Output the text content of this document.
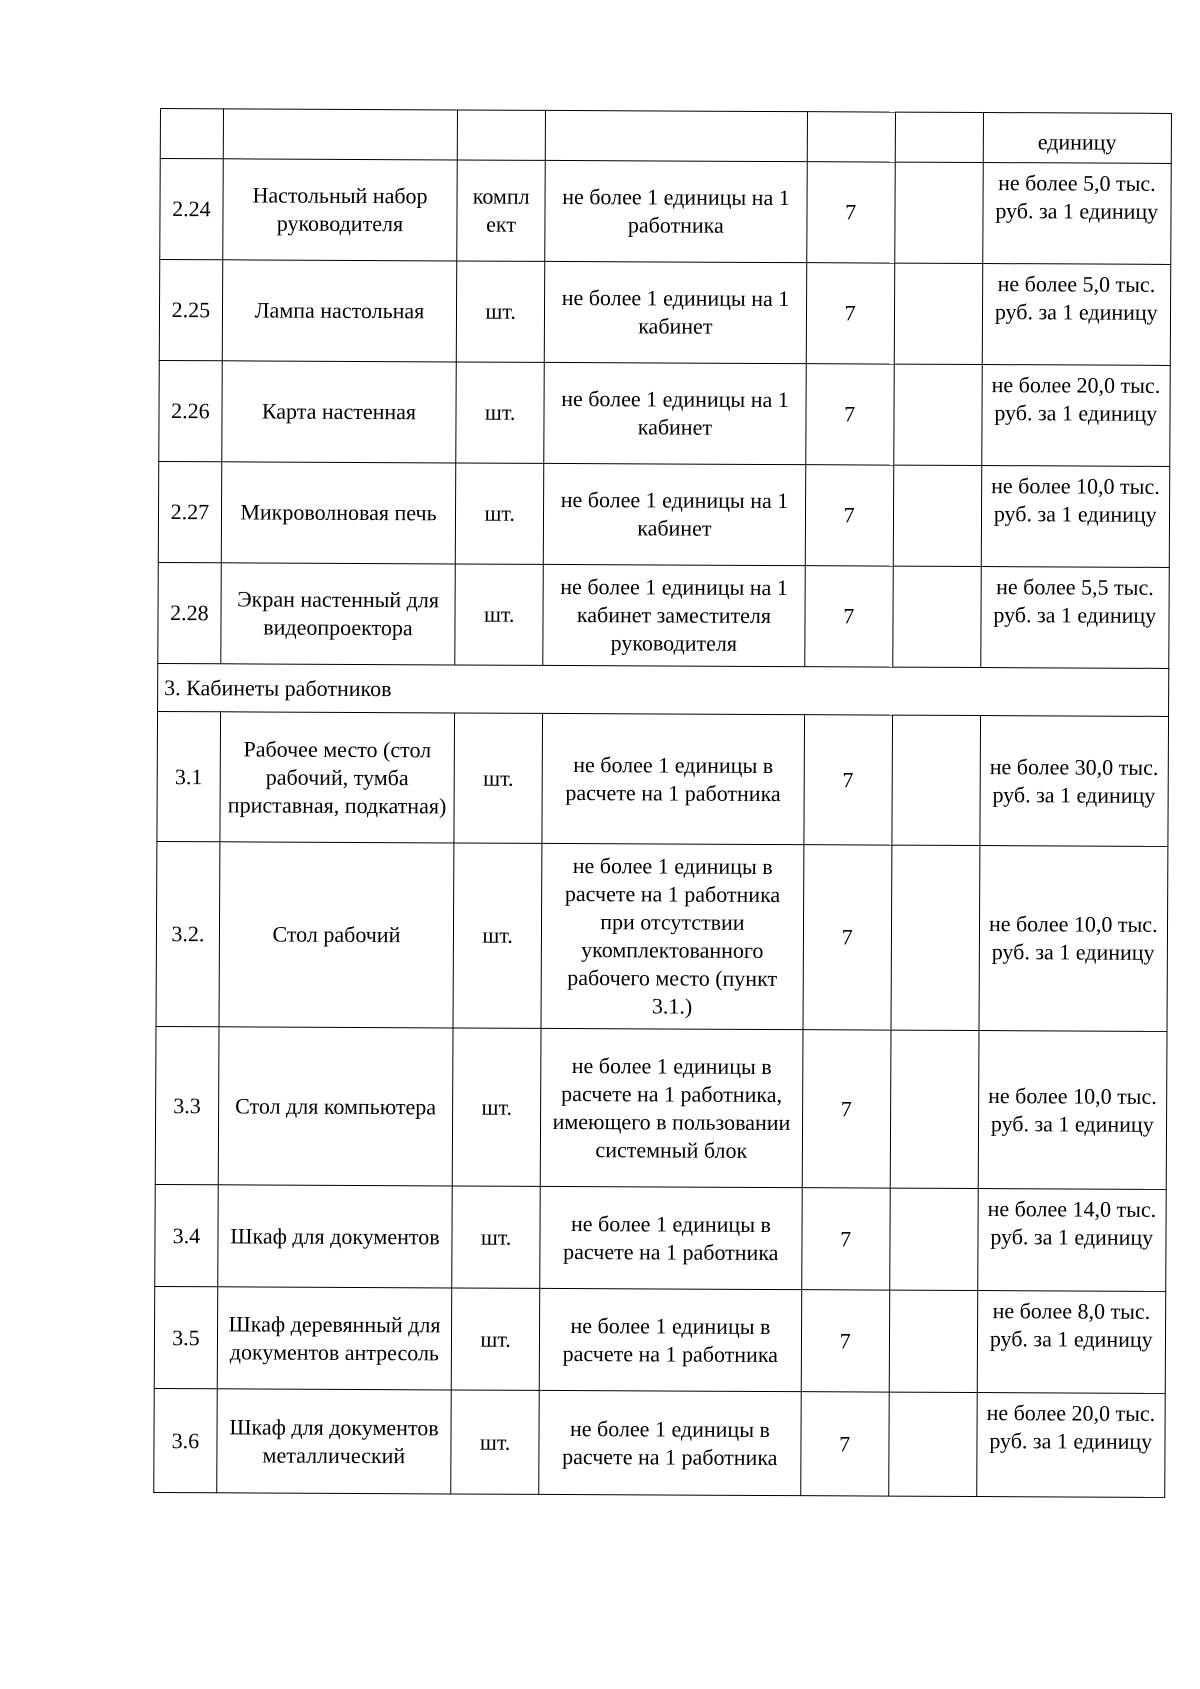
						единицу
2.24	Настольный набор руководителя	компл ект	не более 1 единицы на 1 работника	7		не более 5,0 тыс. руб. за 1 единицу
2.25	Лампа настольная	шт.	не более 1 единицы на 1 кабинет	7		не более 5,0 тыс. руб. за 1 единицу
2.26	Карта настенная	шт.	не более 1 единицы на 1 кабинет	7		не более 20,0 тыс. руб. за 1 единицу
2.27	Микроволновая печь	шт.	не более 1 единицы на 1 кабинет	7		не более 10,0 тыс. руб. за 1 единицу
2.28	Экран настенный для видеопроектора	шт.	не более 1 единицы на 1 кабинет заместителя руководителя	7		не более 5,5 тыс. руб. за 1 единицу
3. Кабинеты работников						
3.1	Рабочее место (стол рабочий, тумба приставная, подкатная)	шт.	не более 1 единицы в расчете на 1 работника	7		не более 30,0 тыс. руб. за 1 единицу
3.2.	Стол рабочий	шт.	не более 1 единицы в расчете на 1 работника при отсутствии укомплектованного рабочего место (пункт 3.1.)	7		не более 10,0 тыс. руб. за 1 единицу
3.3	Стол для компьютера	шт.	не более 1 единицы в расчете на 1 работника, имеющего в пользовании системный блок	7		не более 10,0 тыс. руб. за 1 единицу
3.4	Шкаф для документов	шт.	не более 1 единицы в расчете на 1 работника	7		не более 14,0 тыс. руб. за 1 единицу
3.5	Шкаф деревянный для документов антресоль	шт.	не более 1 единицы в расчете на 1 работника	7		не более 8,0 тыс. руб. за 1 единицу
3.6	Шкаф для документов металлический	шт.	не более 1 единицы в расчете на 1 работника	7		не более 20,0 тыс. руб. за 1 единицу
